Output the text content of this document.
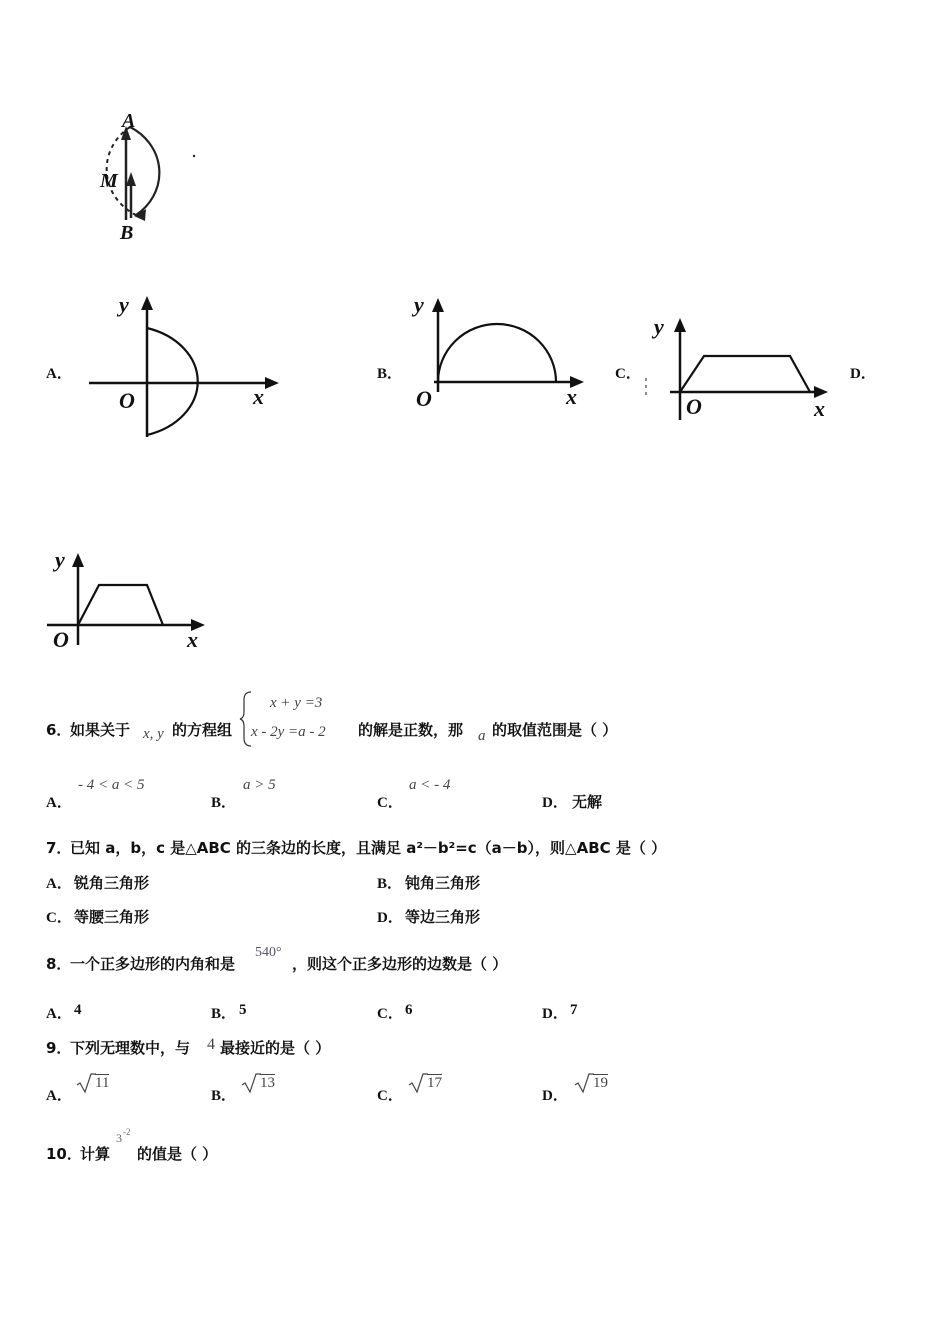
A
M
B
A．	B．	C．	D．
y
O	x
y
O	x
y
O	x
y
O	x
6．
如果关于 x, y 的方程组
x + y =3
x - 2y =a - 2 的解是正数，那 a 的取值范围是（ ）
A．
- 4 < a < 5
B．
a > 5
C．
a < - 4
D． 无解
7．
已知 a，b，c 是△ABC 的三条边的长度，且满足 a²－b²=c（a－b），则△ABC 是（ ）
A． 锐角三角形	B． 钝角三角形
C． 等腰三角形	D． 等边三角形
8．
一个正多边形的内角和是
540°
，则这个正多边形的边数是（ ）
A． 4	B． 5	C． 6	D． 7
9．
下列无理数中，与 4 最接近的是（ ）
A．
11
B．
13
C．
17
D．
19
10．
计算
3 -2
的值是（ ）
